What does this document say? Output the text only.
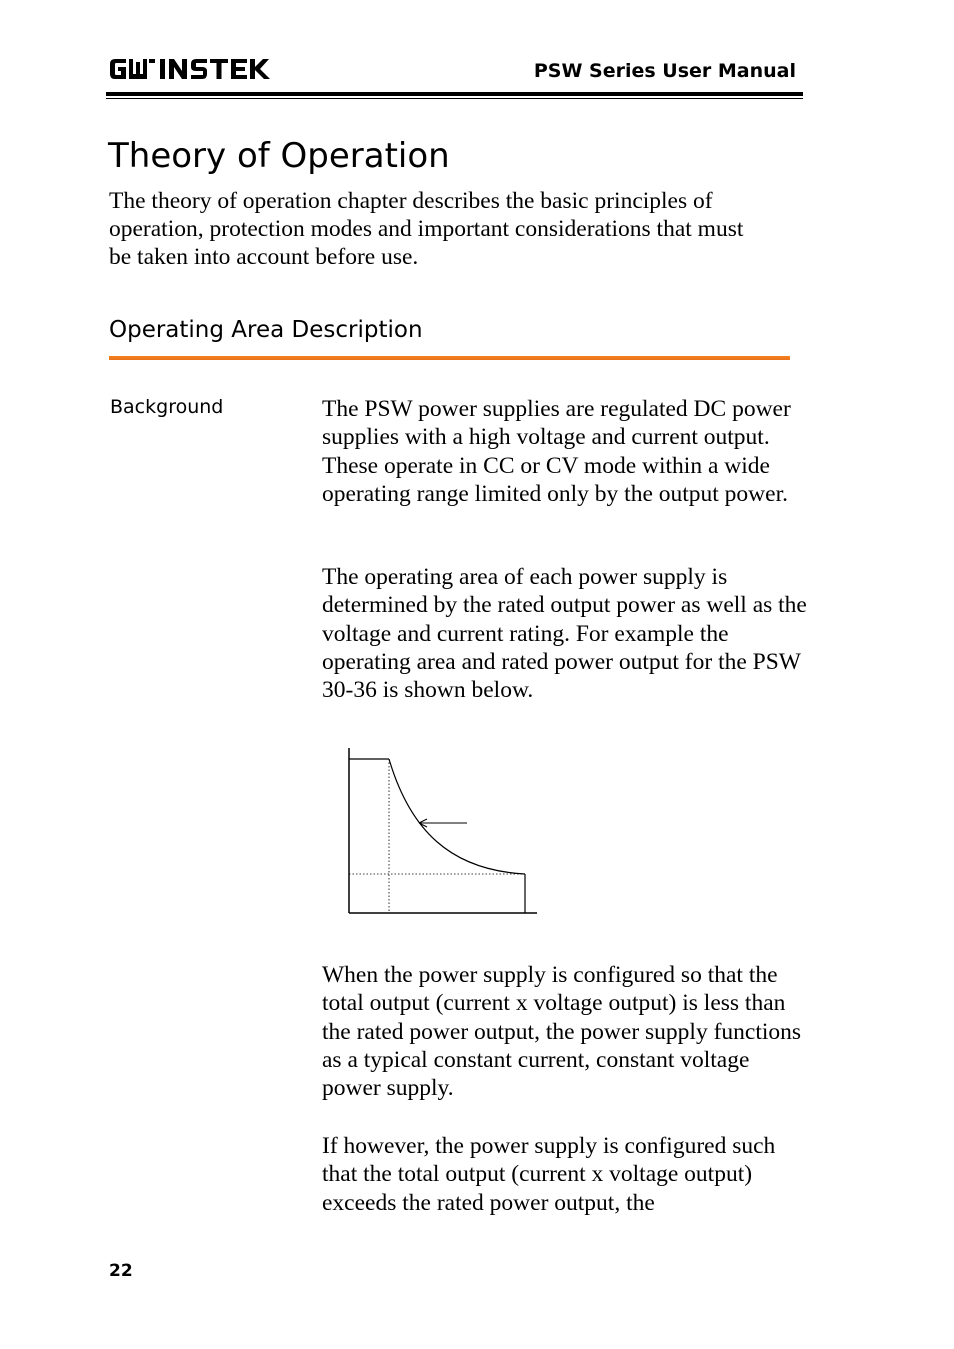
PSW Series User Manual
Theory of Operation

The theory of operation chapter describes the basic principles of operation, protection modes and important considerations that must be taken into account before use.

Operating Area Description

Background	The PSW power supplies are regulated DC power supplies with a high voltage and current output. These operate in CC or CV mode within a wide operating range limited only by the output power.

The operating area of each power supply is determined by the rated output power as well as the voltage and current rating. For example the operating area and rated power output for the PSW 30-36 is shown below.

When the power supply is configured so that the total output (current x voltage output) is less than the rated power output, the power supply functions as a typical constant current, constant voltage power supply.

If however, the power supply is configured such that the total output (current x voltage output) exceeds the rated power output, the

22
